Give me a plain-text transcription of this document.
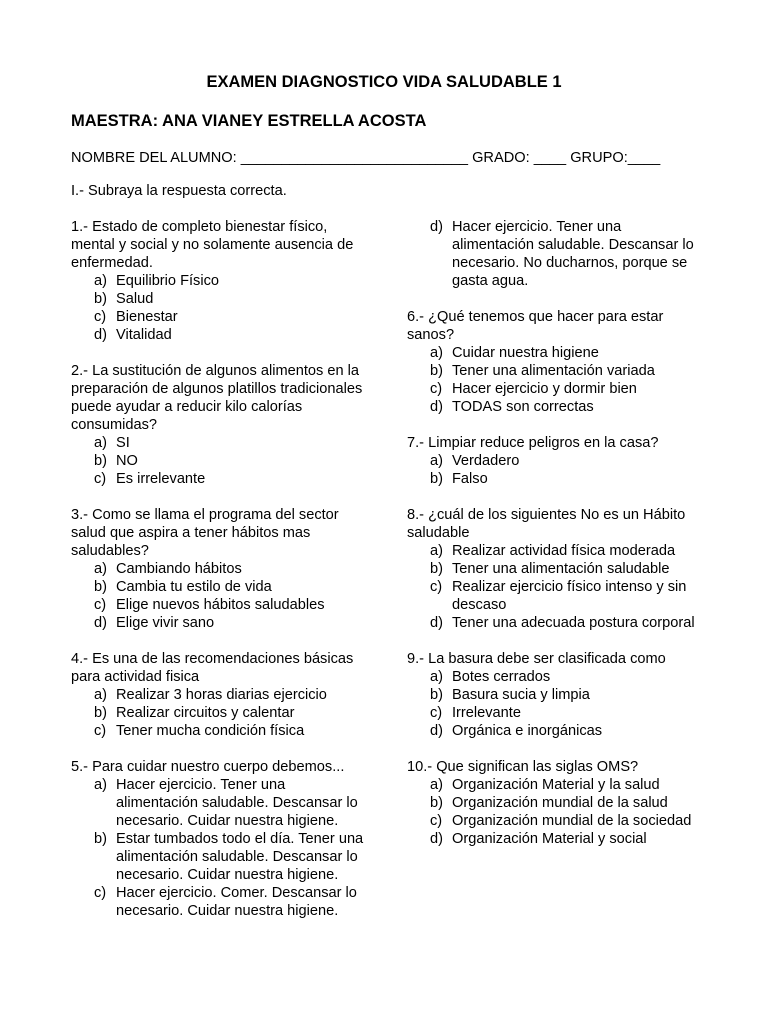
EXAMEN DIAGNOSTICO VIDA SALUDABLE 1
MAESTRA: ANA VIANEY ESTRELLA ACOSTA
NOMBRE DEL ALUMNO: ____________________________ GRADO: ____ GRUPO:____
I.- Subraya la respuesta correcta.

1.- Estado de completo bienestar físico, mental y social y no solamente ausencia de enfermedad.

a) Equilibrio Físico
b) Salud
c) Bienestar
d) Vitalidad

2.- La sustitución de algunos alimentos en la preparación de algunos platillos tradicionales puede ayudar a reducir kilo calorías consumidas?

a) SI
b) NO
c) Es irrelevante

3.- Como se llama el programa del sector salud que aspira a tener hábitos mas saludables?

a) Cambiando hábitos
b) Cambia tu estilo de vida
c) Elige nuevos hábitos saludables
d) Elige vivir sano

4.- Es una de las recomendaciones básicas para actividad fisica

a) Realizar 3 horas diarias ejercicio
b) Realizar circuitos y calentar
c) Tener mucha condición física

5.- Para cuidar nuestro cuerpo debemos...

a) Hacer ejercicio. Tener una alimentación saludable. Descansar lo necesario. Cuidar nuestra higiene.
b) Estar tumbados todo el día. Tener una alimentación saludable. Descansar lo necesario. Cuidar nuestra higiene.
c) Hacer ejercicio. Comer. Descansar lo necesario. Cuidar nuestra higiene.
d) Hacer ejercicio. Tener una alimentación saludable. Descansar lo necesario. No ducharnos, porque se gasta agua.

6.- ¿Qué tenemos que hacer para estar sanos?

a) Cuidar nuestra higiene
b) Tener una alimentación variada
c) Hacer ejercicio y dormir bien
d) TODAS son correctas

7.- Limpiar reduce peligros en la casa?

a) Verdadero
b) Falso

8.- ¿cuál de los siguientes No es un Hábito saludable

a) Realizar actividad física moderada
b) Tener una alimentación saludable
c) Realizar ejercicio físico intenso y sin descaso
d) Tener una adecuada postura corporal

9.- La basura debe ser clasificada como

a) Botes cerrados
b) Basura sucia y limpia
c) Irrelevante
d) Orgánica e inorgánicas

10.- Que significan las siglas OMS?

a) Organización Material y la salud
b) Organización mundial de la salud
c) Organización mundial de la sociedad
d) Organización Material y social
